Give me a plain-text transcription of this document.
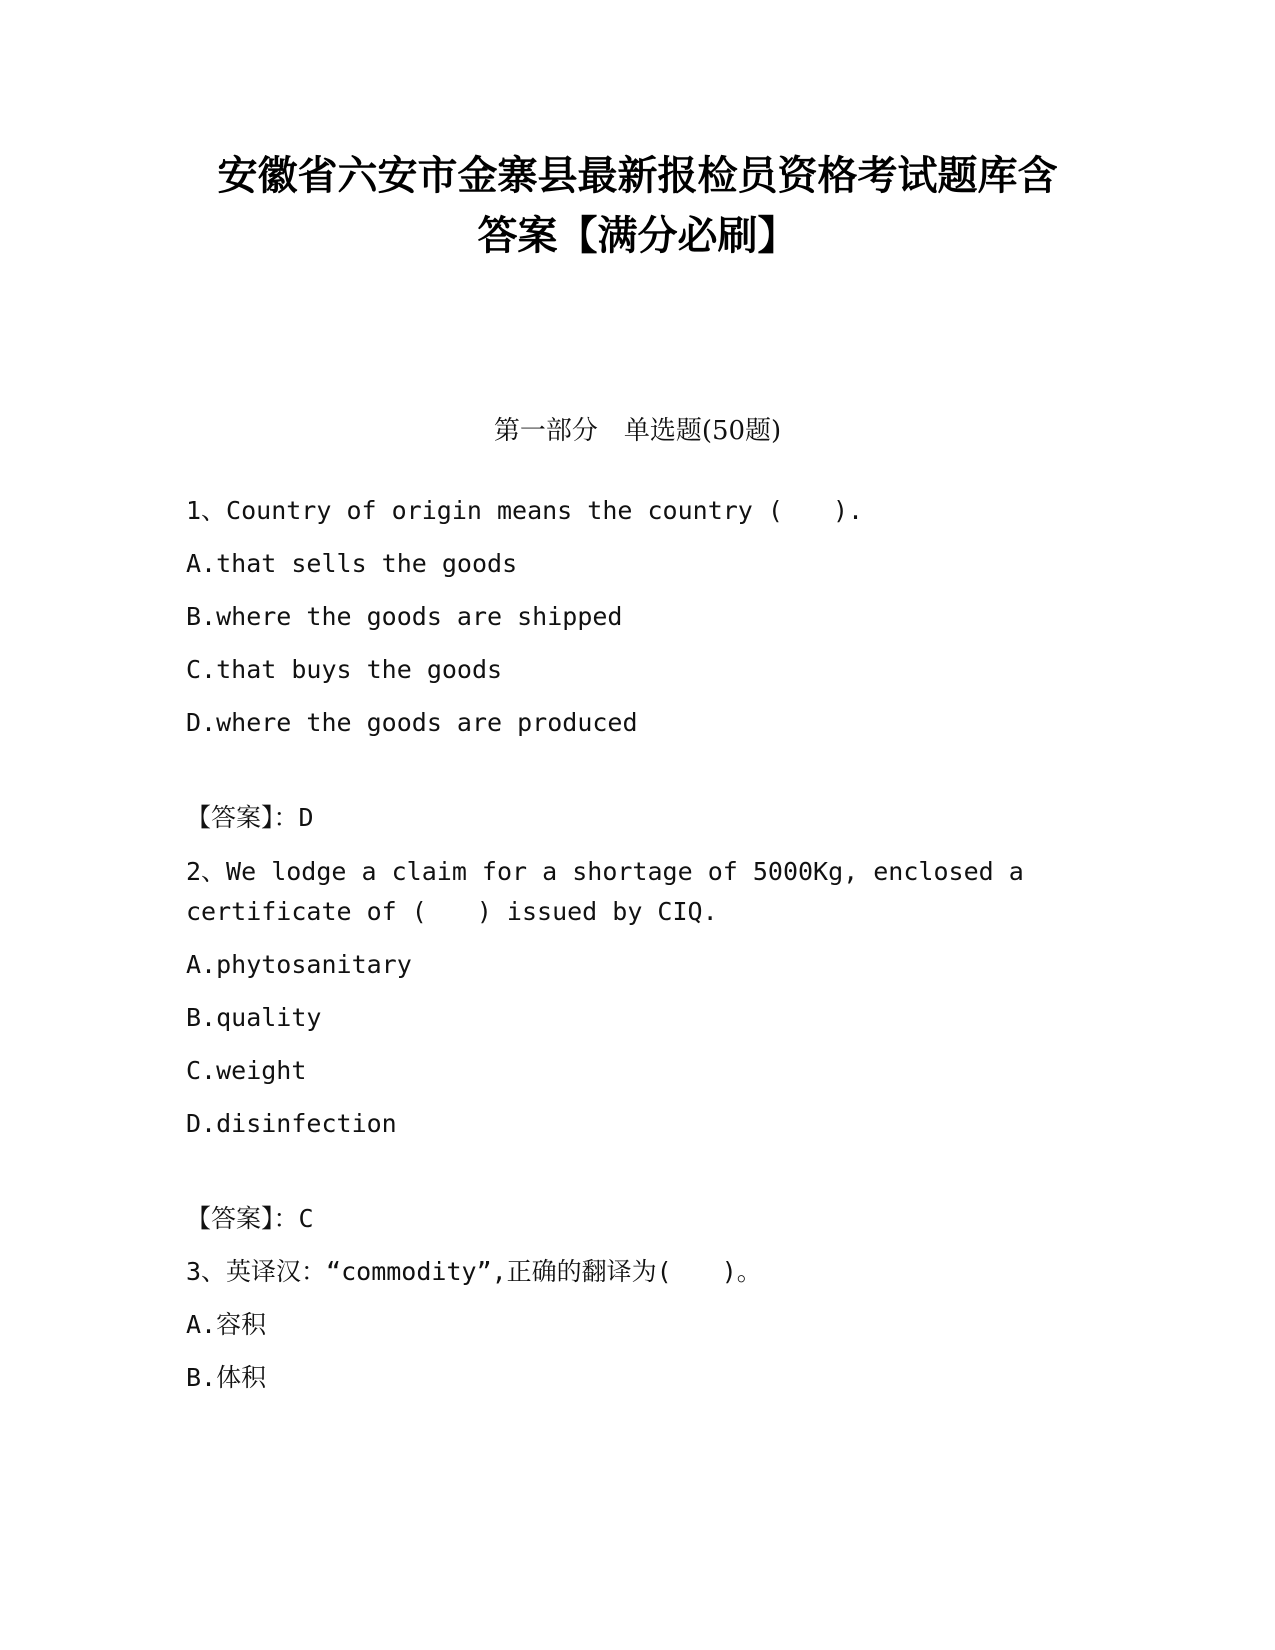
安徽省六安市金寨县最新报检员资格考试题库含
答案【满分必刷】
第一部分　单选题(50题)
1、Country of origin means the country (　　).
A.that sells the goods
B.where the goods are shipped
C.that buys the goods
D.where the goods are produced
【答案】：D
2、We lodge a claim for a shortage of 5000Kg, enclosed a
certificate of (　　) issued by CIQ.
A.phytosanitary
B.quality
C.weight
D.disinfection
【答案】：C
3、英译汉：“commodity”,正确的翻译为(　　)。
A.容积
B.体积
